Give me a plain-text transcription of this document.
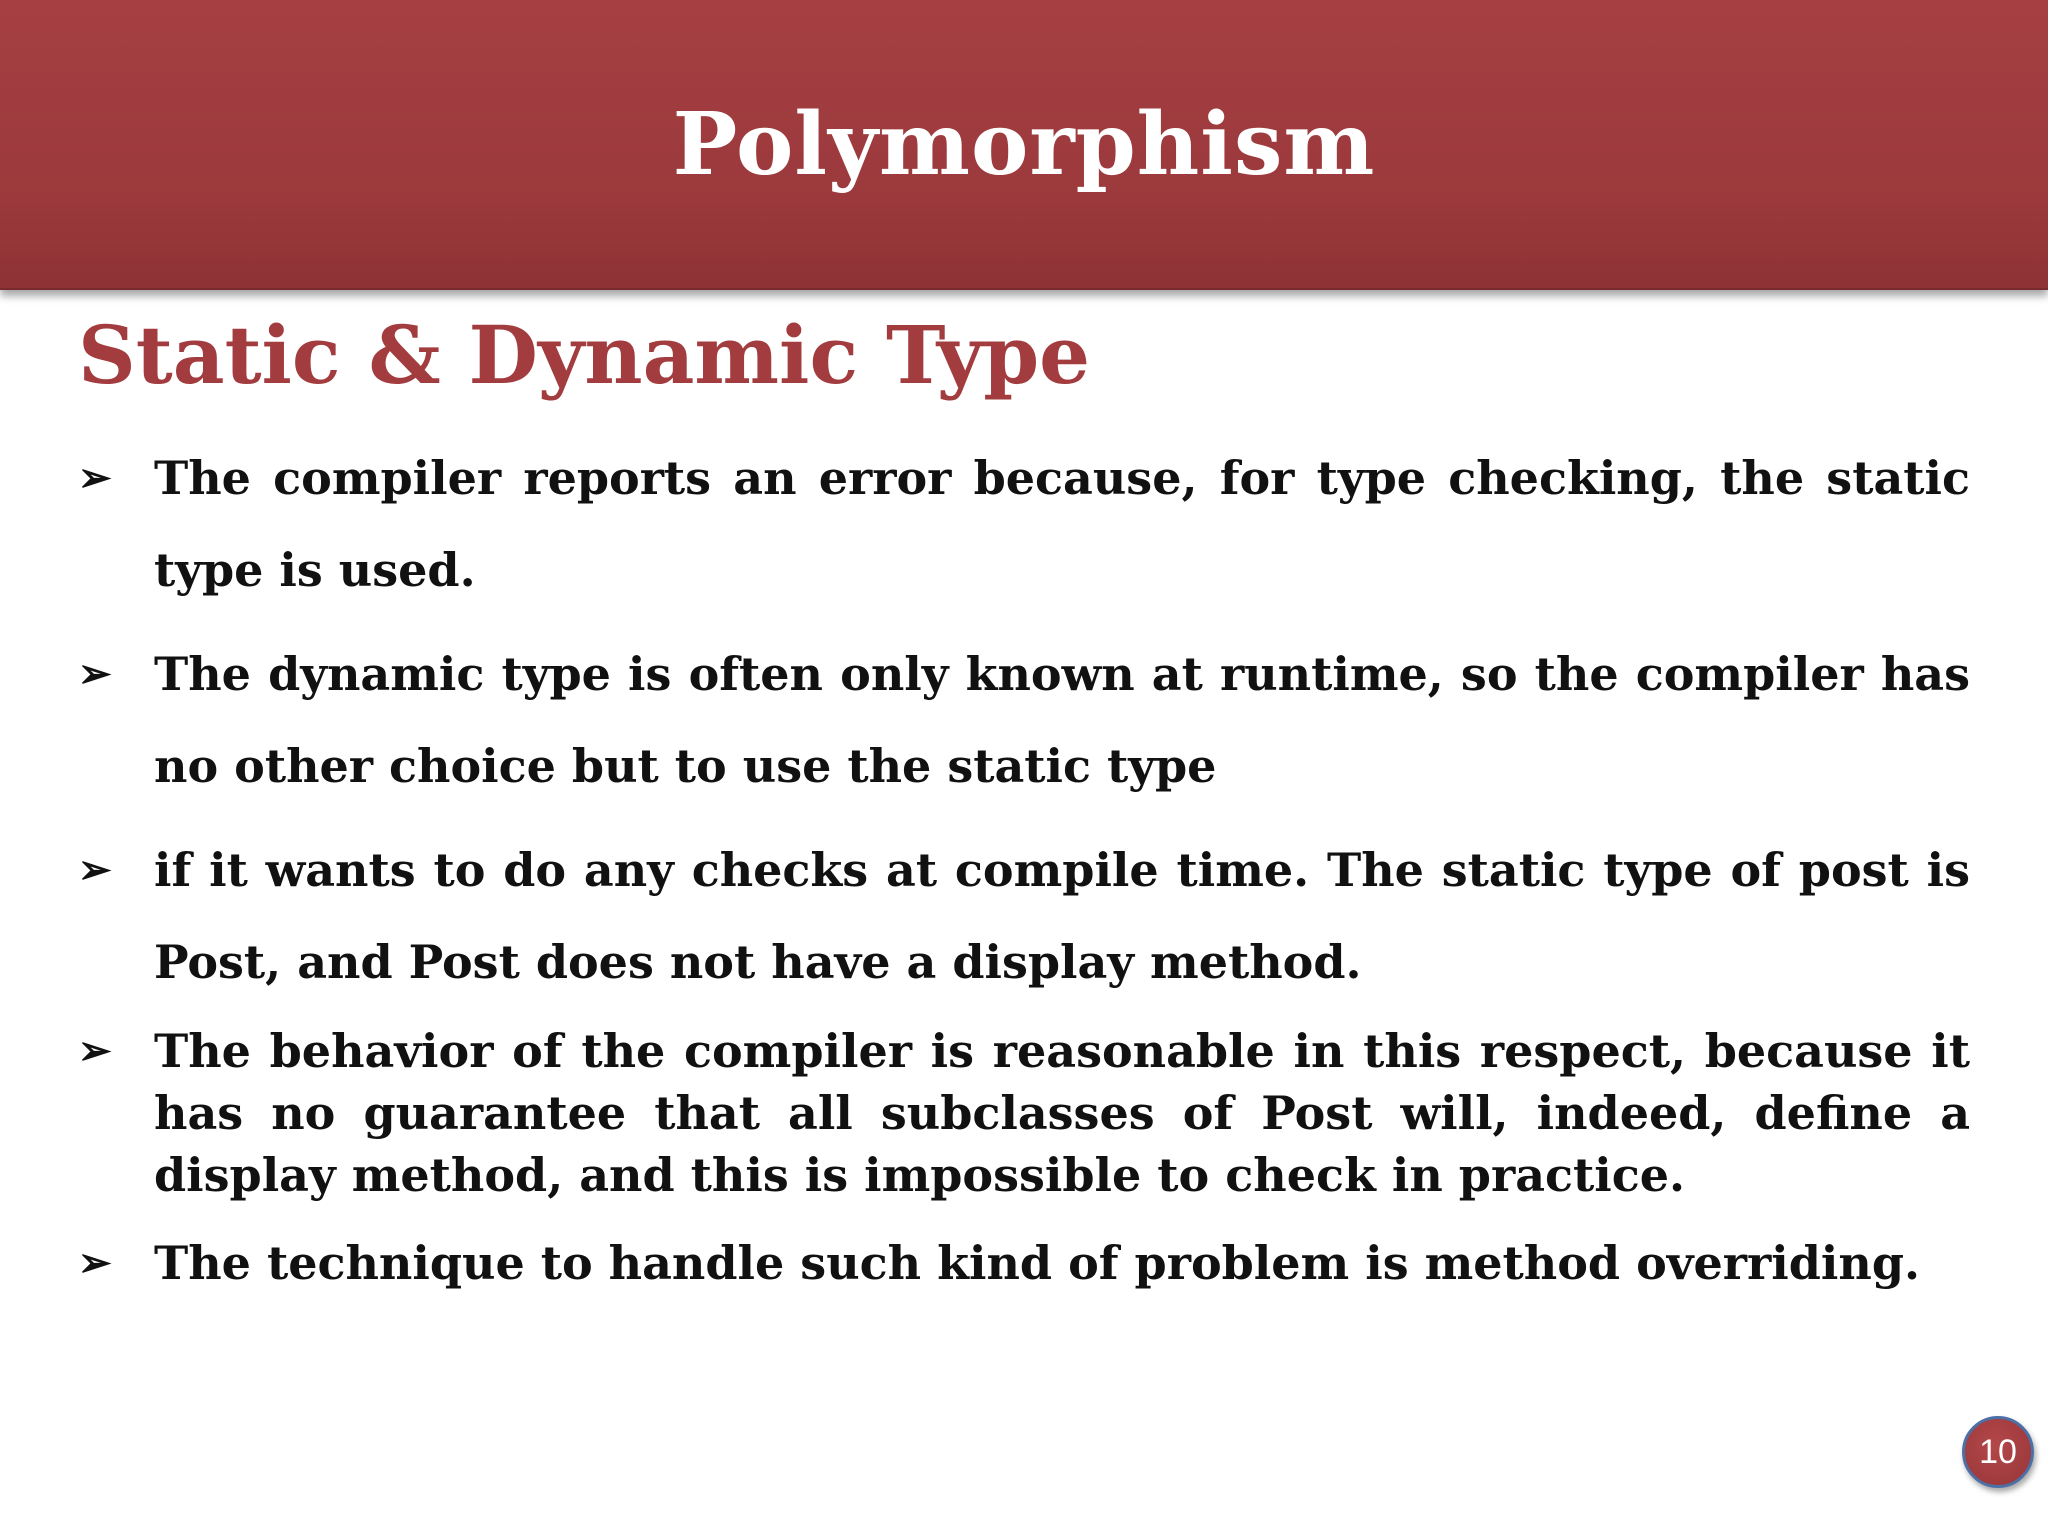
Polymorphism
Static & Dynamic Type
➢ The compiler reports an error because, for type checking, the static type is used.
➢ The dynamic type is often only known at runtime, so the compiler has no other choice but to use the static type
➢ if it wants to do any checks at compile time. The static type of post is Post, and Post does not have a display method.
➢ The behavior of the compiler is reasonable in this respect, because it has no guarantee that all subclasses of Post will, indeed, define a display method, and this is impossible to check in practice.
➢ The technique to handle such kind of problem is method overriding.
10
